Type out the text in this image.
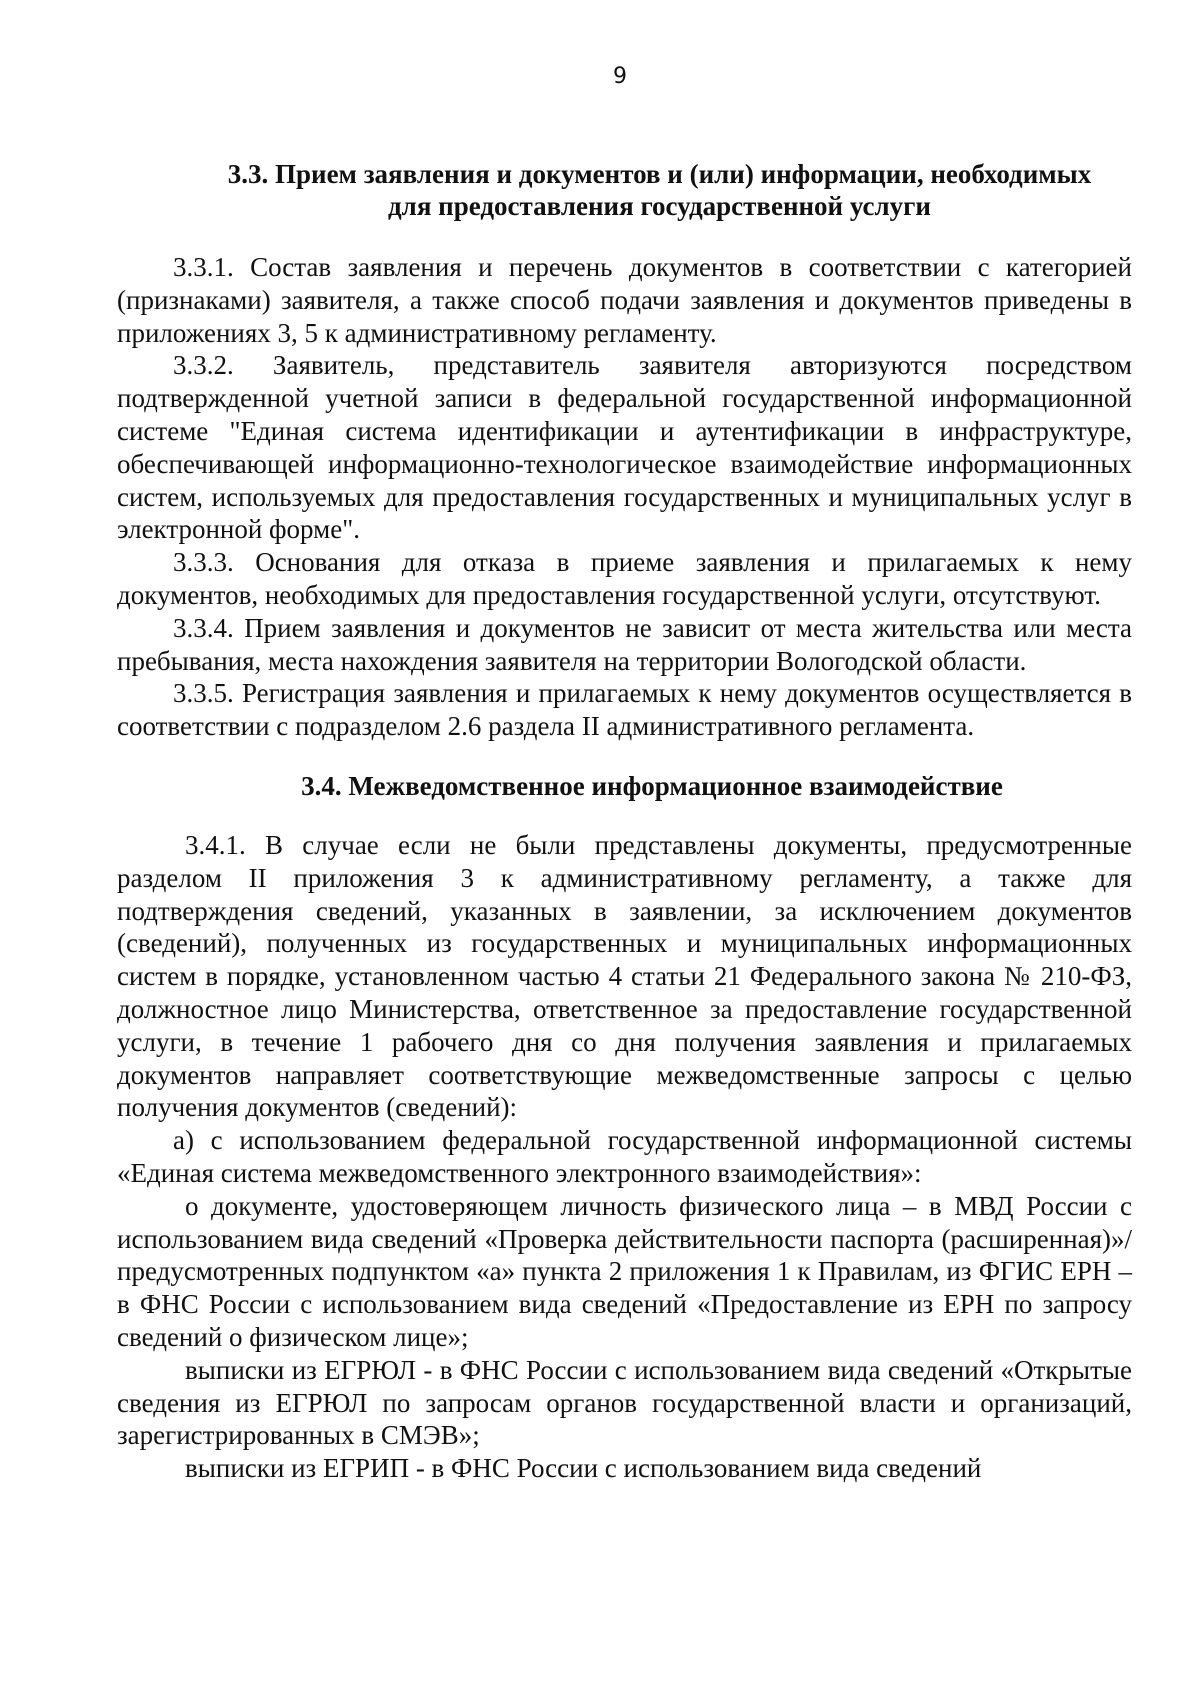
9
3.3. Прием заявления и документов и (или) информации, необходимых
для предоставления государственной услуги

3.3.1. Состав заявления и перечень документов в соответствии с категорией (признаками) заявителя, а также способ подачи заявления и документов приведены в приложениях 3, 5 к административному регламенту.

3.3.2. Заявитель, представитель заявителя авторизуются посредством подтвержденной учетной записи в федеральной государственной информационной системе "Единая система идентификации и аутентификации в инфраструктуре, обеспечивающей информационно-технологическое взаимодействие информационных систем, используемых для предоставления государственных и муниципальных услуг в электронной форме".

3.3.3. Основания для отказа в приеме заявления и прилагаемых к нему документов, необходимых для предоставления государственной услуги, отсутствуют.

3.3.4. Прием заявления и документов не зависит от места жительства или места пребывания, места нахождения заявителя на территории Вологодской области.

3.3.5. Регистрация заявления и прилагаемых к нему документов осуществляется в соответствии с подразделом 2.6 раздела II административного регламента.

3.4. Межведомственное информационное взаимодействие

3.4.1. В случае если не были представлены документы, предусмотренные разделом II приложения 3 к административному регламенту, а также для подтверждения сведений, указанных в заявлении, за исключением документов (сведений), полученных из государственных и муниципальных информационных систем в порядке, установленном частью 4 статьи 21 Федерального закона № 210-ФЗ, должностное лицо Министерства, ответственное за предоставление государственной услуги, в течение 1 рабочего дня со дня получения заявления и прилагаемых документов направляет соответствующие межведомственные запросы с целью получения документов (сведений):

а) с использованием федеральной государственной информационной системы «Единая система межведомственного электронного взаимодействия»:

о документе, удостоверяющем личность физического лица – в МВД России с использованием вида сведений «Проверка действительности паспорта (расширенная)»/предусмотренных подпунктом «а» пункта 2 приложения 1 к Правилам, из ФГИС ЕРН – в ФНС России с использованием вида сведений «Предоставление из ЕРН по запросу сведений о физическом лице»;

выписки из ЕГРЮЛ - в ФНС России с использованием вида сведений «Открытые сведения из ЕГРЮЛ по запросам органов государственной власти и организаций, зарегистрированных в СМЭВ»;

выписки из ЕГРИП - в ФНС России с использованием вида сведений
